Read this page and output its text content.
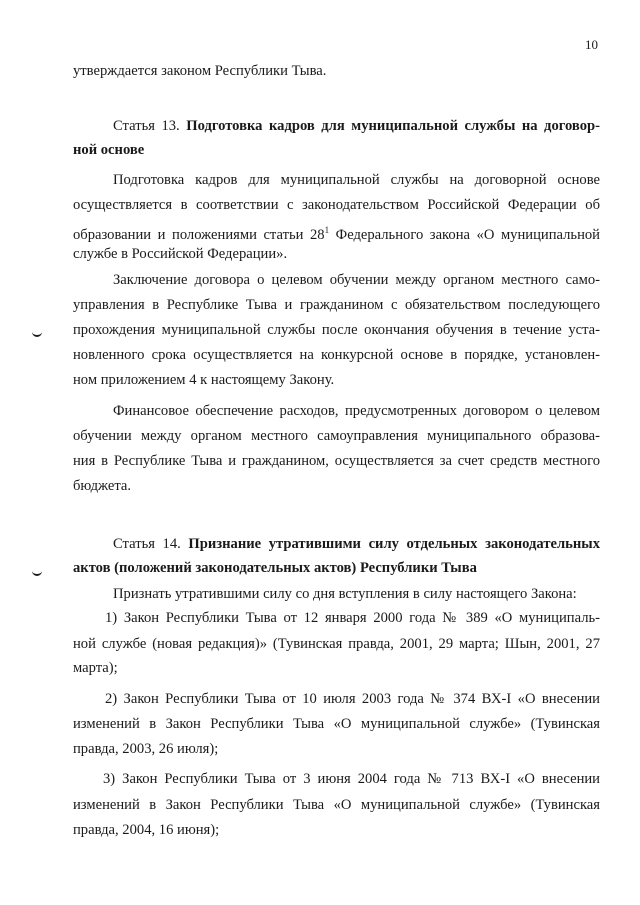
10
утверждается законом Республики Тыва.
Статья 13. Подготовка кадров для муниципальной службы на договор-
ной основе
Подготовка кадров для муниципальной службы на договорной основе
осуществляется в соответствии с законодательством Российской Федерации об
образовании и положениями статьи $28^1$ Федерального закона «О муниципальной
службе в Российской Федерации».
Заключение договора о целевом обучении между органом местного само-
управления в Республике Тыва и гражданином с обязательством последующего
прохождения муниципальной службы после окончания обучения в течение уста-
новленного срока осуществляется на конкурсной основе в порядке, установлен-
ном приложением 4 к настоящему Закону.
Финансовое обеспечение расходов, предусмотренных договором о целевом
обучении между органом местного самоуправления муниципального образова-
ния в Республике Тыва и гражданином, осуществляется за счет средств местного
бюджета.
Статья 14. Признание утратившими силу отдельных законодательных
актов (положений законодательных актов) Республики Тыва
Признать утратившими силу со дня вступления в силу настоящего Закона:
1) Закон Республики Тыва от 12 января 2000 года № 389 «О муниципаль-
ной службе (новая редакция)» (Тувинская правда, 2001, 29 марта; Шын, 2001, 27
марта);
2) Закон Республики Тыва от 10 июля 2003 года № 374 ВХ-I «О внесении
изменений в Закон Республики Тыва «О муниципальной службе» (Тувинская
правда, 2003, 26 июля);
3) Закон Республики Тыва от 3 июня 2004 года № 713 ВХ-I «О внесении
изменений в Закон Республики Тыва «О муниципальной службе» (Тувинская
правда, 2004, 16 июня);
